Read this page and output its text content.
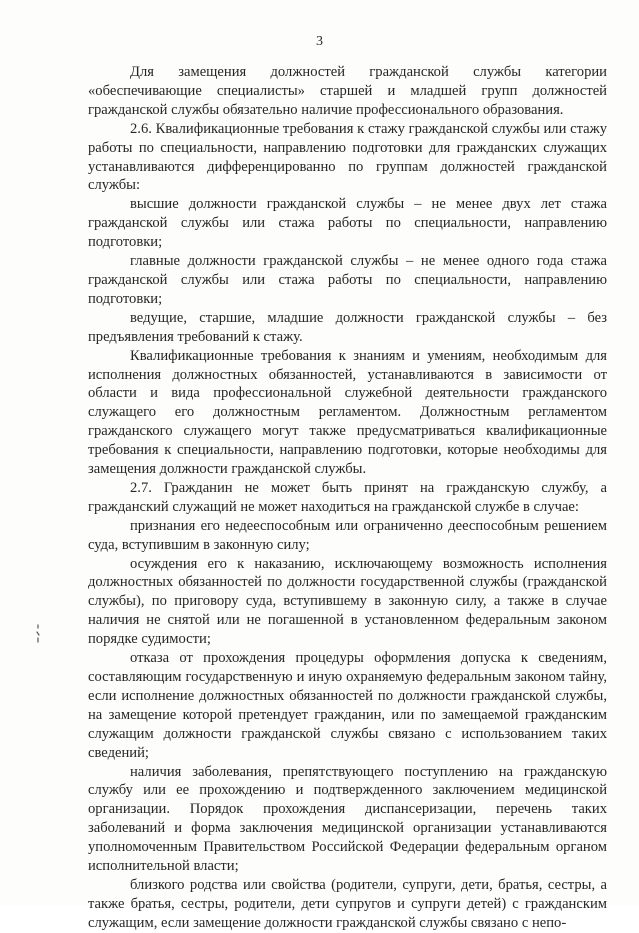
3

Для замещения должностей гражданской службы категории «обеспечивающие специалисты» старшей и младшей групп должностей гражданской службы обязательно наличие профессионального образования.

2.6. Квалификационные требования к стажу гражданской службы или стажу работы по специальности, направлению подготовки для гражданских служащих устанавливаются дифференцированно по группам должностей гражданской службы:

высшие должности гражданской службы – не менее двух лет стажа гражданской службы или стажа работы по специальности, направлению подготовки;

главные должности гражданской службы – не менее одного года стажа гражданской службы или стажа работы по специальности, направлению подготовки;

ведущие, старшие, младшие должности гражданской службы – без предъявления требований к стажу.

Квалификационные требования к знаниям и умениям, необходимым для исполнения должностных обязанностей, устанавливаются в зависимости от области и вида профессиональной служебной деятельности гражданского служащего его должностным регламентом. Должностным регламентом гражданского служащего могут также предусматриваться квалификационные требования к специальности, направлению подготовки, которые необходимы для замещения должности гражданской службы.

2.7. Гражданин не может быть принят на гражданскую службу, а гражданский служащий не может находиться на гражданской службе в случае:

признания его недееспособным или ограниченно дееспособным решением суда, вступившим в законную силу;

осуждения его к наказанию, исключающему возможность исполнения должностных обязанностей по должности государственной службы (гражданской службы), по приговору суда, вступившему в законную силу, а также в случае наличия не снятой или не погашенной в установленном федеральным законом порядке судимости;

отказа от прохождения процедуры оформления допуска к сведениям, составляющим государственную и иную охраняемую федеральным законом тайну, если исполнение должностных обязанностей по должности гражданской службы, на замещение которой претендует гражданин, или по замещаемой гражданским служащим должности гражданской службы связано с использованием таких сведений;

наличия заболевания, препятствующего поступлению на гражданскую службу или ее прохождению и подтвержденного заключением медицинской организации. Порядок прохождения диспансеризации, перечень таких заболеваний и форма заключения медицинской организации устанавливаются уполномоченным Правительством Российской Федерации федеральным органом исполнительной власти;

близкого родства или свойства (родители, супруги, дети, братья, сестры, а также братья, сестры, родители, дети супругов и супруги детей) с гражданским служащим, если замещение должности гражданской службы связано с непо-
